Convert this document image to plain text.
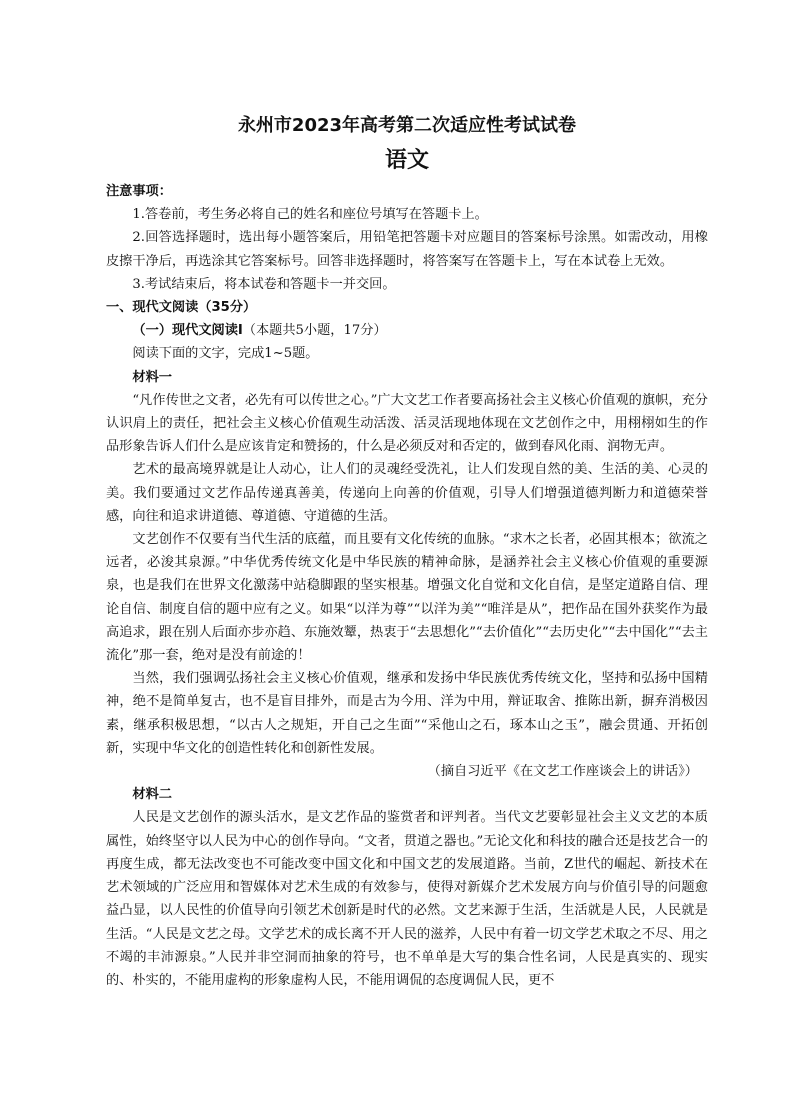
永州市2023年高考第二次适应性考试试卷
语文

注意事项：

1.答卷前，考生务必将自己的姓名和座位号填写在答题卡上。

2.回答选择题时，选出每小题答案后，用铅笔把答题卡对应题目的答案标号涂黑。如需改动，用橡皮擦干净后，再选涂其它答案标号。回答非选择题时，将答案写在答题卡上，写在本试卷上无效。

3.考试结束后，将本试卷和答题卡一并交回。

一、现代文阅读（35分）

（一）现代文阅读Ⅰ（本题共5小题，17分）

阅读下面的文字，完成1~5题。

材料一

“凡作传世之文者，必先有可以传世之心。”广大文艺工作者要高扬社会主义核心价值观的旗帜，充分认识肩上的责任，把社会主义核心价值观生动活泼、活灵活现地体现在文艺创作之中，用栩栩如生的作品形象告诉人们什么是应该肯定和赞扬的，什么是必须反对和否定的，做到春风化雨、润物无声。

艺术的最高境界就是让人动心，让人们的灵魂经受洗礼，让人们发现自然的美、生活的美、心灵的美。我们要通过文艺作品传递真善美，传递向上向善的价值观，引导人们增强道德判断力和道德荣誉感，向往和追求讲道德、尊道德、守道德的生活。

文艺创作不仅要有当代生活的底蕴，而且要有文化传统的血脉。“求木之长者，必固其根本；欲流之远者，必浚其泉源。”中华优秀传统文化是中华民族的精神命脉，是涵养社会主义核心价值观的重要源泉，也是我们在世界文化激荡中站稳脚跟的坚实根基。增强文化自觉和文化自信，是坚定道路自信、理论自信、制度自信的题中应有之义。如果“以洋为尊”“以洋为美”“唯洋是从”，把作品在国外获奖作为最高追求，跟在别人后面亦步亦趋、东施效颦，热衷于“去思想化”“去价值化”“去历史化”“去中国化”“去主流化”那一套，绝对是没有前途的！

当然，我们强调弘扬社会主义核心价值观，继承和发扬中华民族优秀传统文化，坚持和弘扬中国精神，绝不是简单复古，也不是盲目排外，而是古为今用、洋为中用，辩证取舍、推陈出新，摒弃消极因素，继承积极思想，“以古人之规矩，开自己之生面”“采他山之石，琢本山之玉”，融会贯通、开拓创新，实现中华文化的创造性转化和创新性发展。

（摘自习近平《在文艺工作座谈会上的讲话》）

材料二

人民是文艺创作的源头活水，是文艺作品的鉴赏者和评判者。当代文艺要彰显社会主义文艺的本质属性，始终坚守以人民为中心的创作导向。“文者，贯道之器也。”无论文化和科技的融合还是技艺合一的再度生成，都无法改变也不可能改变中国文化和中国文艺的发展道路。当前，Z世代的崛起、新技术在艺术领域的广泛应用和智媒体对艺术生成的有效参与，使得对新媒介艺术发展方向与价值引导的问题愈益凸显，以人民性的价值导向引领艺术创新是时代的必然。文艺来源于生活，生活就是人民，人民就是生活。“人民是文艺之母。文学艺术的成长离不开人民的滋养，人民中有着一切文学艺术取之不尽、用之不竭的丰沛源泉。”人民并非空洞而抽象的符号，也不单单是大写的集合性名词，人民是真实的、现实的、朴实的，不能用虚构的形象虚构人民，不能用调侃的态度调侃人民，更不
